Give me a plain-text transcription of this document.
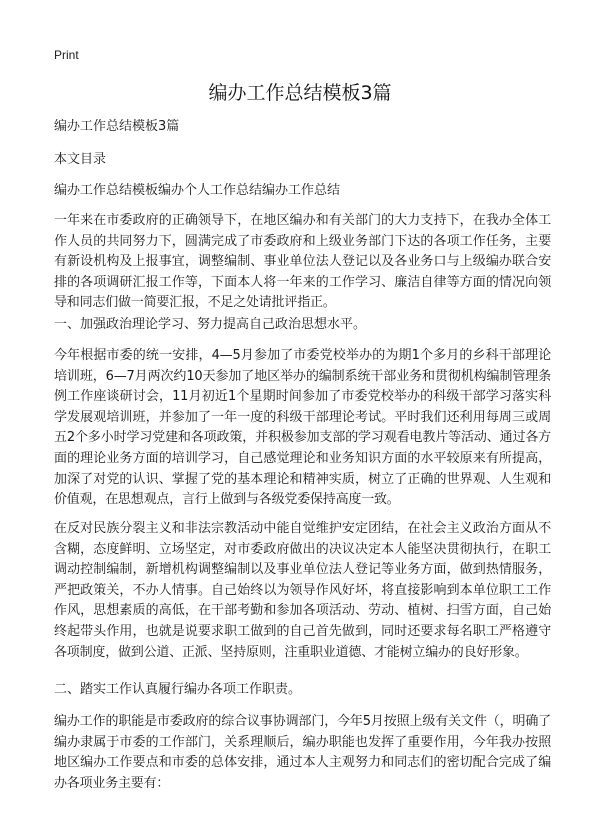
Print
编办工作总结模板3篇

编办工作总结模板3篇

本文目录

编办工作总结模板编办个人工作总结编办工作总结

一年来在市委政府的正确领导下，在地区编办和有关部门的大力支持下，在我办全体工作人员的共同努力下，圆满完成了市委政府和上级业务部门下达的各项工作任务，主要有新设机构及上报事宜，调整编制、事业单位法人登记以及各业务口与上级编办联合安排的各项调研汇报工作等，下面本人将一年来的工作学习、廉洁自律等方面的情况向领导和同志们做一简要汇报，不足之处请批评指正。

一、加强政治理论学习、努力提高自己政治思想水平。

今年根据市委的统一安排，4—5月参加了市委党校举办的为期1个多月的乡科干部理论培训班，6—7月两次约10天参加了地区举办的编制系统干部业务和贯彻机构编制管理条例工作座谈研讨会，11月初近1个星期时间参加了市委党校举办的科级干部学习落实科学发展观培训班，并参加了一年一度的科级干部理论考试。平时我们还利用每周三或周五2个多小时学习党建和各项政策，并积极参加支部的学习观看电教片等活动、通过各方面的理论业务方面的培训学习，自己感觉理论和业务知识方面的水平较原来有所提高，加深了对党的认识、掌握了党的基本理论和精神实质，树立了正确的世界观、人生观和价值观，在思想观点，言行上做到与各级党委保持高度一致。

在反对民族分裂主义和非法宗教活动中能自觉维护安定团结，在社会主义政治方面从不含糊，态度鲜明、立场坚定，对市委政府做出的决议决定本人能坚决贯彻执行，在职工调动控制编制，新增机构调整编制以及事业单位法人登记等业务方面，做到热情服务，严把政策关，不办人情事。自己始终以为领导作风好坏，将直接影响到本单位职工工作作风，思想素质的高低，在干部考勤和参加各项活动、劳动、植树、扫雪方面，自己始终起带头作用，也就是说要求职工做到的自己首先做到，同时还要求每名职工严格遵守各项制度，做到公道、正派、坚持原则，注重职业道德、才能树立编办的良好形象。

二、踏实工作认真履行编办各项工作职责。

编办工作的职能是市委政府的综合议事协调部门，今年5月按照上级有关文件（，明确了编办隶属于市委的工作部门，关系理顺后，编办职能也发挥了重要作用，今年我办按照地区编办工作要点和市委的总体安排，通过本人主观努力和同志们的密切配合完成了编办各项业务主要有：
